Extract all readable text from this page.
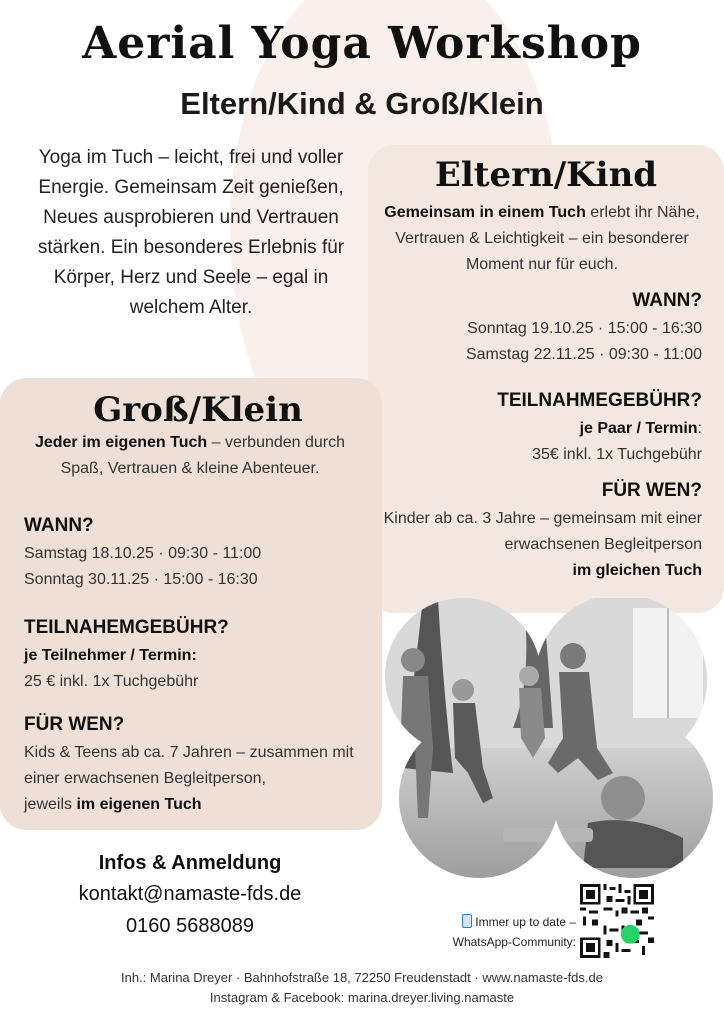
Aerial Yoga Workshop
Eltern/Kind & Groß/Klein

Yoga im Tuch – leicht, frei und voller Energie. Gemeinsam Zeit genießen, Neues ausprobieren und Vertrauen stärken. Ein besonderes Erlebnis für Körper, Herz und Seele – egal in welchem Alter.

Eltern/Kind

Gemeinsam in einem Tuch erlebt ihr Nähe, Vertrauen & Leichtigkeit – ein besonderer Moment nur für euch.

WANN?
Sonntag 19.10.25 · 15:00 - 16:30
Samstag 22.11.25 · 09:30 - 11:00
TEILNAHMEGEBÜHR?
je Paar / Termin:
35€ inkl. 1x Tuchgebühr
FÜR WEN?
Kinder ab ca. 3 Jahre – gemeinsam mit einer erwachsenen Begleitperson
im gleichen Tuch
Groß/Klein

Jeder im eigenen Tuch – verbunden durch Spaß, Vertrauen & kleine Abenteuer.

WANN?
Samstag 18.10.25 · 09:30 - 11:00
Sonntag 30.11.25 · 15:00 - 16:30
TEILNAHEMGEBÜHR?
je Teilnehmer / Termin:
25 € inkl. 1x Tuchgebühr
FÜR WEN?
Kids & Teens ab ca. 7 Jahren – zusammen mit einer erwachsenen Begleitperson,
jeweils im eigenen Tuch
Infos & Anmeldung
kontakt@namaste-fds.de
0160 5688089	Immer up to date –
WhatsApp-Community:
Inh.: Marina Dreyer · Bahnhofstraße 18, 72250 Freudenstadt · www.namaste-fds.de
Instagram & Facebook: marina.dreyer.living.namaste
